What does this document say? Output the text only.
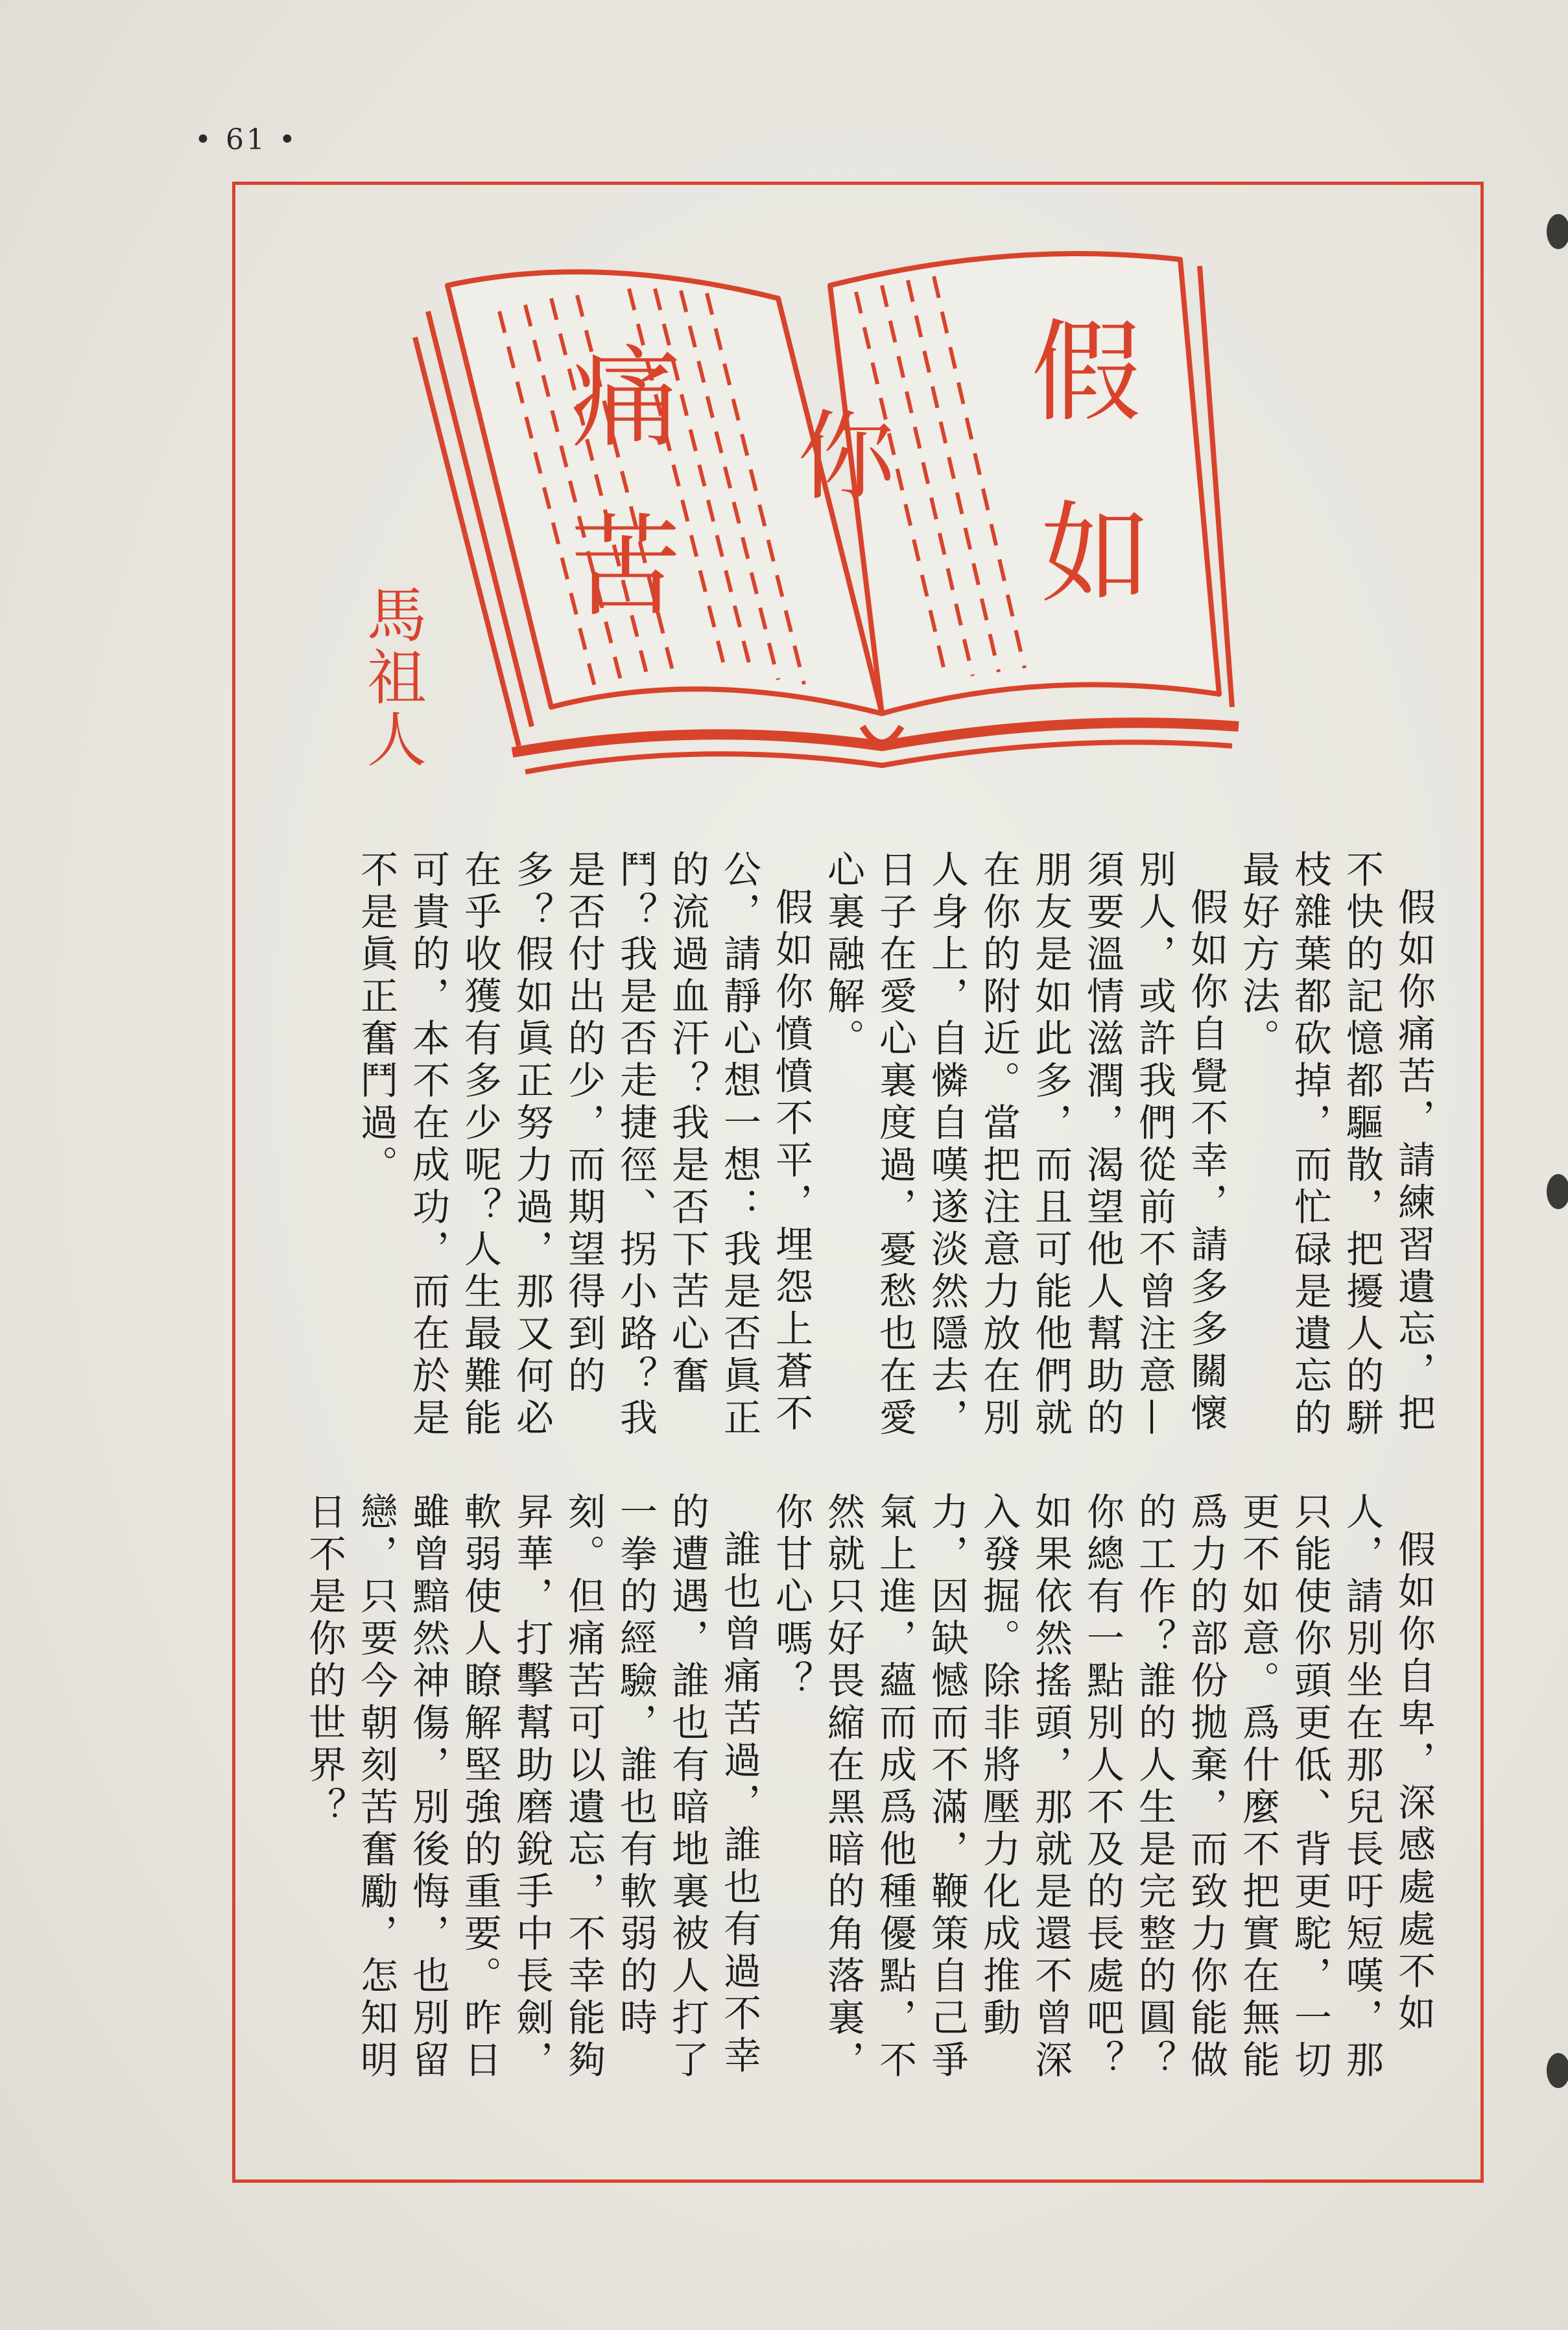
• 61 •
假
如
你
痛
苦
馬祖人

假如你痛苦，請練習遺忘，把不快的記憶都驅散，把擾人的駢枝雜葉都砍掉，而忙碌是遺忘的最好方法。

假如你自覺不幸，請多多關懷別人，或許我們從前不曾注意—須要溫情滋潤，渴望他人幫助的朋友是如此多，而且可能他們就在你的附近。當把注意力放在別人身上，自憐自嘆遂淡然隱去，日子在愛心裏度過，憂愁也在愛心裏融解。

假如你憤憤不平，埋怨上蒼不公，請靜心想一想：我是否眞正的流過血汗？我是否下苦心奮鬥？我是否走捷徑、拐小路？我是否付出的少，而期望得到的多？假如眞正努力過，那又何必在乎收獲有多少呢？人生最難能可貴的，本不在成功，而在於是不是眞正奮鬥過。

假如你自卑，深感處處不如人，請別坐在那兒長吁短嘆，那只能使你頭更低、背更駝，一切更不如意。爲什麼不把實在無能爲力的部份拋棄，而致力你能做的工作？誰的人生是完整的圓？你總有一點別人不及的長處吧？如果依然搖頭，那就是還不曾深入發掘。除非將壓力化成推動力，因缺憾而不滿，鞭策自己爭氣上進，蘊而成爲他種優點，不然就只好畏縮在黑暗的角落裏，你甘心嗎？

誰也曾痛苦過，誰也有過不幸的遭遇，誰也有暗地裏被人打了一拳的經驗，誰也有軟弱的時刻。但痛苦可以遺忘，不幸能夠昇華，打擊幫助磨銳手中長劍，軟弱使人瞭解堅強的重要。昨日雖曾黯然神傷，別後悔，也別留戀，只要今朝刻苦奮勵，怎知明日不是你的世界？
